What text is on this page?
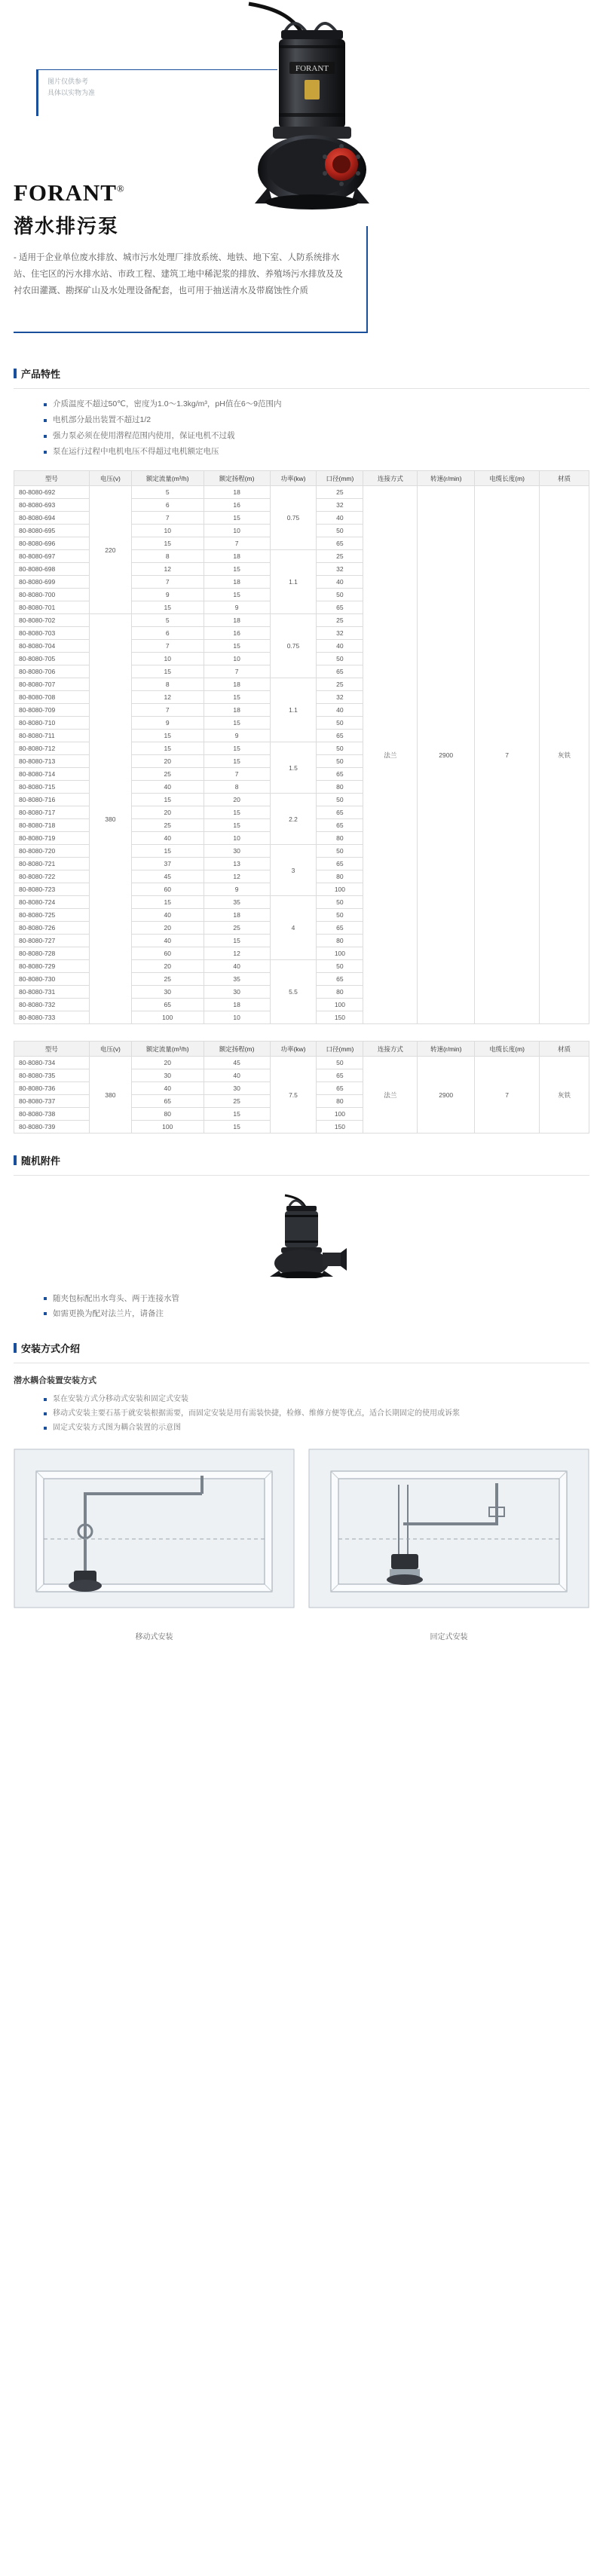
FORANT
图片仅供参考
具体以实物为准
FORANT®
潜水排污泵
- 适用于企业单位废水排放、城市污水处理厂排放系统、地铁、地下室、人防系统排水站、住宅区的污水排水站、市政工程、建筑工地中稀泥浆的排放、养殖场污水排放及及衬农田灌溉、勘探矿山及水处理设备配套，也可用于抽送清水及带腐蚀性介质
产品特性
介质温度不超过50℃，密度为1.0～1.3kg/m³，pH值在6～9范围内
电机部分最出装置不超过1/2
强力泵必须在使用潜程范围内使用，保证电机不过载
泵在运行过程中电机电压不得超过电机额定电压
型号	电压(v)	额定流量(m³/h)	额定扬程(m)	功率(kw)	口径(mm)	连接方式	转速(r/min)	电缆长度(m)	材质
80-8080-692	220	5	18	0.75	25	法兰	2900	7	灰铁
80-8080-693		6	16		32				
80-8080-694		7	15		40				
80-8080-695		10	10		50				
80-8080-696		15	7		65				
80-8080-697		8	18	1.1	25				
80-8080-698		12	15		32				
80-8080-699		7	18		40				
80-8080-700		9	15		50				
80-8080-701		15	9		65				
80-8080-702	380	5	18	0.75	25				
80-8080-703		6	16		32				
80-8080-704		7	15		40				
80-8080-705		10	10		50				
80-8080-706		15	7		65				
80-8080-707		8	18	1.1	25				
80-8080-708		12	15		32				
80-8080-709		7	18		40				
80-8080-710		9	15		50				
80-8080-711		15	9		65				
80-8080-712		15	15	1.5	50				
80-8080-713		20	15		50				
80-8080-714		25	7		65				
80-8080-715		40	8		80				
80-8080-716		15	20	2.2	50				
80-8080-717		20	15		65				
80-8080-718		25	15		65				
80-8080-719		40	10		80				
80-8080-720		15	30	3	50				
80-8080-721		37	13		65				
80-8080-722		45	12		80				
80-8080-723		60	9		100				
80-8080-724		15	35	4	50				
80-8080-725		40	18		50				
80-8080-726		20	25		65				
80-8080-727		40	15		80				
80-8080-728		60	12		100				
80-8080-729		20	40	5.5	50				
80-8080-730		25	35		65				
80-8080-731		30	30		80				
80-8080-732		65	18		100				
80-8080-733		100	10		150				
型号	电压(v)	额定流量(m³/h)	额定扬程(m)	功率(kw)	口径(mm)	连接方式	转速(r/min)	电缆长度(m)	材质
80-8080-734	380	20	45	7.5	50	法兰	2900	7	灰铁
80-8080-735		30	40		65				
80-8080-736		40	30		65				
80-8080-737		65	25		80				
80-8080-738		80	15		100				
80-8080-739		100	15		150				
随机附件
随夹包标配出水弯头、两于连接水管
如需更换为配对法兰片，请备注
安装方式介绍
潜水耦合装置安装方式
泵在安装方式分移动式安装和固定式安装
移动式安装主要石基于就安装根据需要，而固定安装是用有需装快捷，检修、维修方便等优点，适合长期固定的使用或诉浆
固定式安装方式图为耦合装置的示意图
移动式安装	回定式安装
